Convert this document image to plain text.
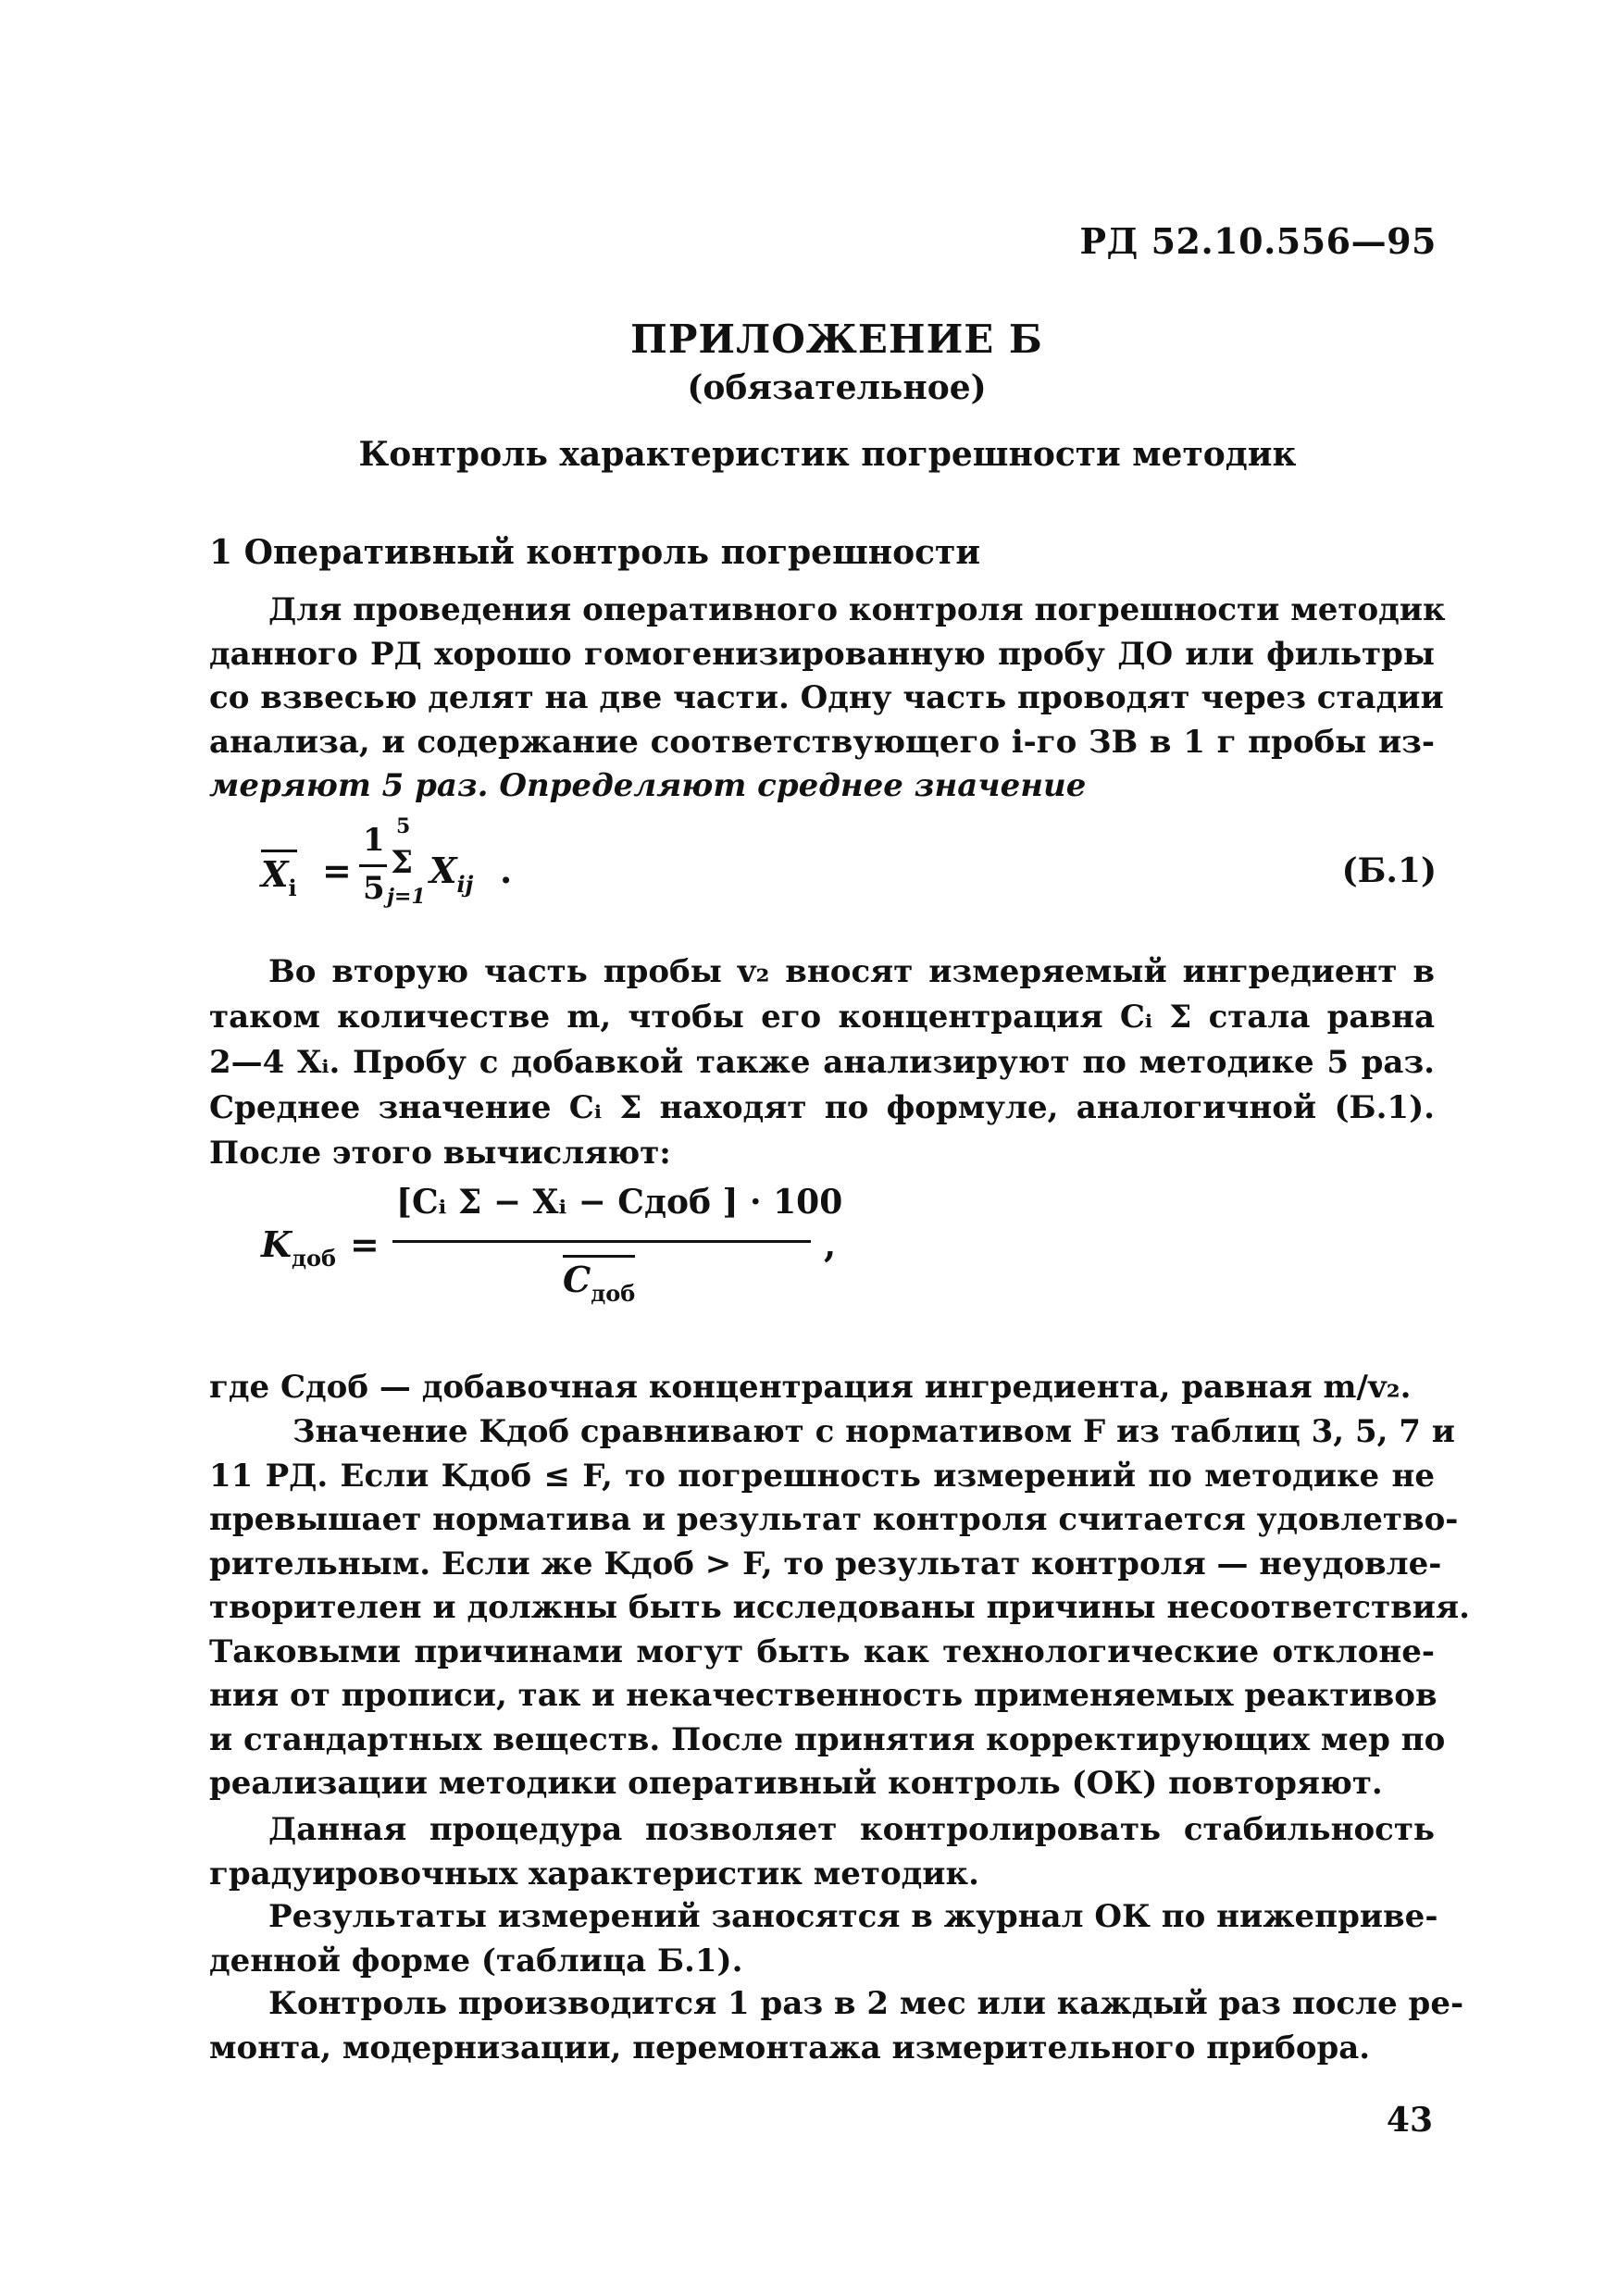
РД 52.10.556—95
ПРИЛОЖЕНИЕ Б
(обязательное)
Контроль характеристик погрешности методик
1 Оперативный контроль погрешности
Для проведения оперативного контроля погрешности методик
данного РД хорошо гомогенизированную пробу ДО или фильтры
со взвесью делят на две части. Одну часть проводят через стадии
анализа, и содержание соответствующего i-го ЗВ в 1 г пробы из-
меряют 5 раз. Определяют среднее значение
$X_i$ =
1
5
5
Σ
j=1
$X_{ij}$ .	(Б.1)
Во вторую часть пробы v₂ вносят измеряемый ингредиент в
таком количестве m, чтобы его концентрация Cᵢ Σ стала равна
2—4 Xᵢ. Пробу с добавкой также анализируют по методике 5 раз.
Среднее значение Cᵢ Σ находят по формуле, аналогичной (Б.1).
После этого вычисляют:
$K_{доб}$ =
[Cᵢ Σ − Xᵢ − Cдоб ] · 100
$C_{доб}$
,
где Cдоб — добавочная концентрация ингредиента, равная m/v₂.
Значение Kдоб сравнивают с нормативом F из таблиц 3, 5, 7 и
11 РД. Если Kдоб ≤ F, то погрешность измерений по методике не
превышает норматива и результат контроля считается удовлетво-
рительным. Если же Kдоб > F, то результат контроля — неудовле-
творителен и должны быть исследованы причины несоответствия.
Таковыми причинами могут быть как технологические отклоне-
ния от прописи, так и некачественность применяемых реактивов
и стандартных веществ. После принятия корректирующих мер по
реализации методики оперативный контроль (ОК) повторяют.
Данная процедура позволяет контролировать стабильность
градуировочных характеристик методик.
Результаты измерений заносятся в журнал ОК по нижеприве-
денной форме (таблица Б.1).
Контроль производится 1 раз в 2 мес или каждый раз после ре-
монта, модернизации, перемонтажа измерительного прибора.
43
